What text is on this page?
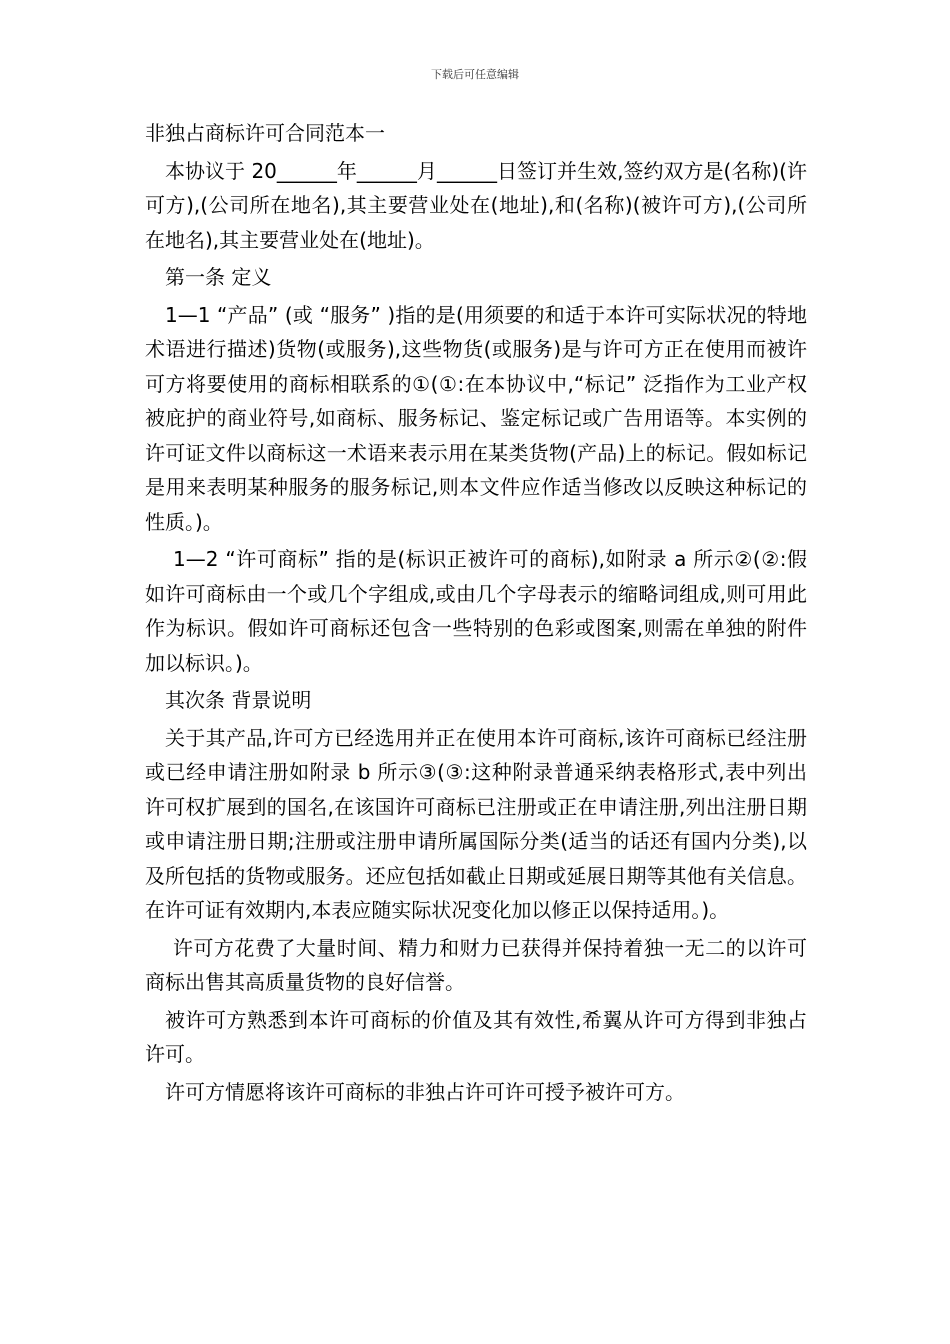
下载后可任意编辑

非独占商标许可合同范本一

本协议于 20______年______月______日签订并生效,签约双方是(名称)(许可方),(公司所在地名),其主要营业处在(地址),和(名称)(被许可方),(公司所在地名),其主要营业处在(地址)。

第一条 定义

1—1 “产品” (或 “服务” )指的是(用须要的和适于本许可实际状况的特地术语进行描述)货物(或服务),这些物货(或服务)是与许可方正在使用而被许可方将要使用的商标相联系的①(①:在本协议中,“标记” 泛指作为工业产权被庇护的商业符号,如商标、服务标记、鉴定标记或广告用语等。本实例的许可证文件以商标这一术语来表示用在某类货物(产品)上的标记。假如标记是用来表明某种服务的服务标记,则本文件应作适当修改以反映这种标记的性质。)。

1—2 “许可商标” 指的是(标识正被许可的商标),如附录 a 所示②(②:假如许可商标由一个或几个字组成,或由几个字母表示的缩略词组成,则可用此作为标识。假如许可商标还包含一些特别的色彩或图案,则需在单独的附件加以标识。)。

其次条 背景说明

关于其产品,许可方已经选用并正在使用本许可商标,该许可商标已经注册或已经申请注册如附录 b 所示③(③:这种附录普通采纳表格形式,表中列出许可权扩展到的国名,在该国许可商标已注册或正在申请注册,列出注册日期或申请注册日期;注册或注册申请所属国际分类(适当的话还有国内分类),以及所包括的货物或服务。还应包括如截止日期或延展日期等其他有关信息。在许可证有效期内,本表应随实际状况变化加以修正以保持适用。)。

许可方花费了大量时间、精力和财力已获得并保持着独一无二的以许可商标出售其高质量货物的良好信誉。

被许可方熟悉到本许可商标的价值及其有效性,希翼从许可方得到非独占许可。

许可方情愿将该许可商标的非独占许可许可授予被许可方。
